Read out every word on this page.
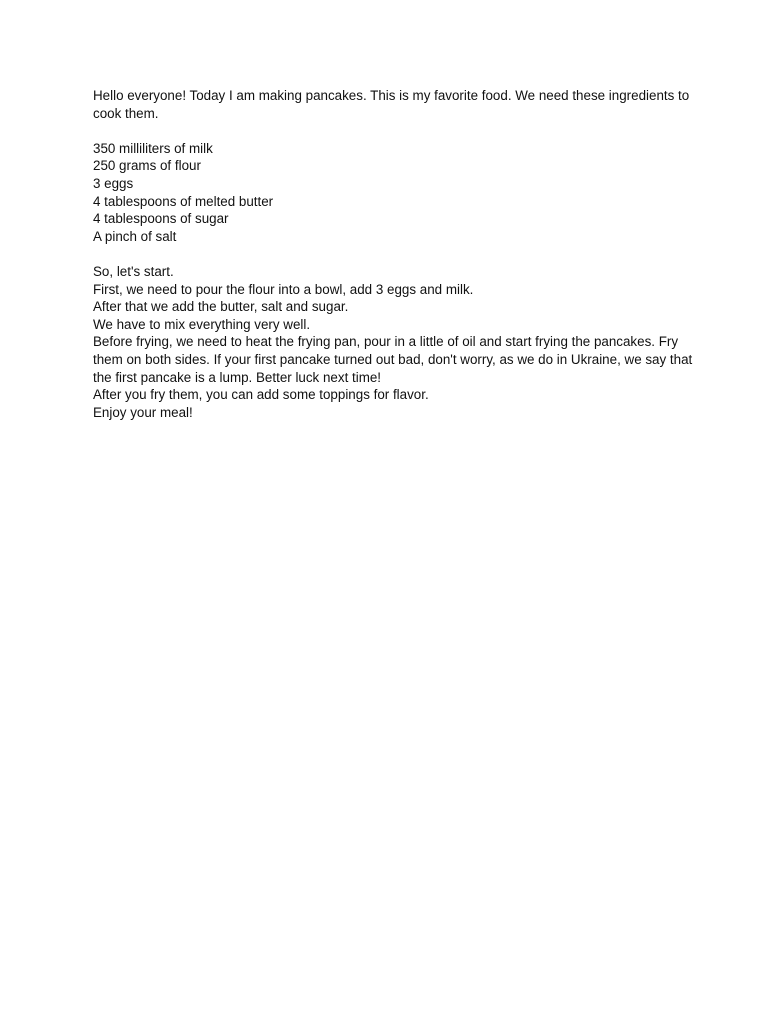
Hello everyone! Today I am making pancakes. This is my favorite food. We need these ingredients to cook them.

350 milliliters of milk
250 grams of flour
3 eggs
4 tablespoons of melted butter
4 tablespoons of sugar
A pinch of salt
So, let's start.
First, we need to pour the flour into a bowl, add 3 eggs and milk.
After that we add the butter, salt and sugar.
We have to mix everything very well.
Before frying, we need to heat the frying pan, pour in a little of oil and start frying the pancakes. Fry them on both sides. If your first pancake turned out bad, don't worry, as we do in Ukraine, we say that the first pancake is a lump. Better luck next time!
After you fry them, you can add some toppings for flavor.
Enjoy your meal!
